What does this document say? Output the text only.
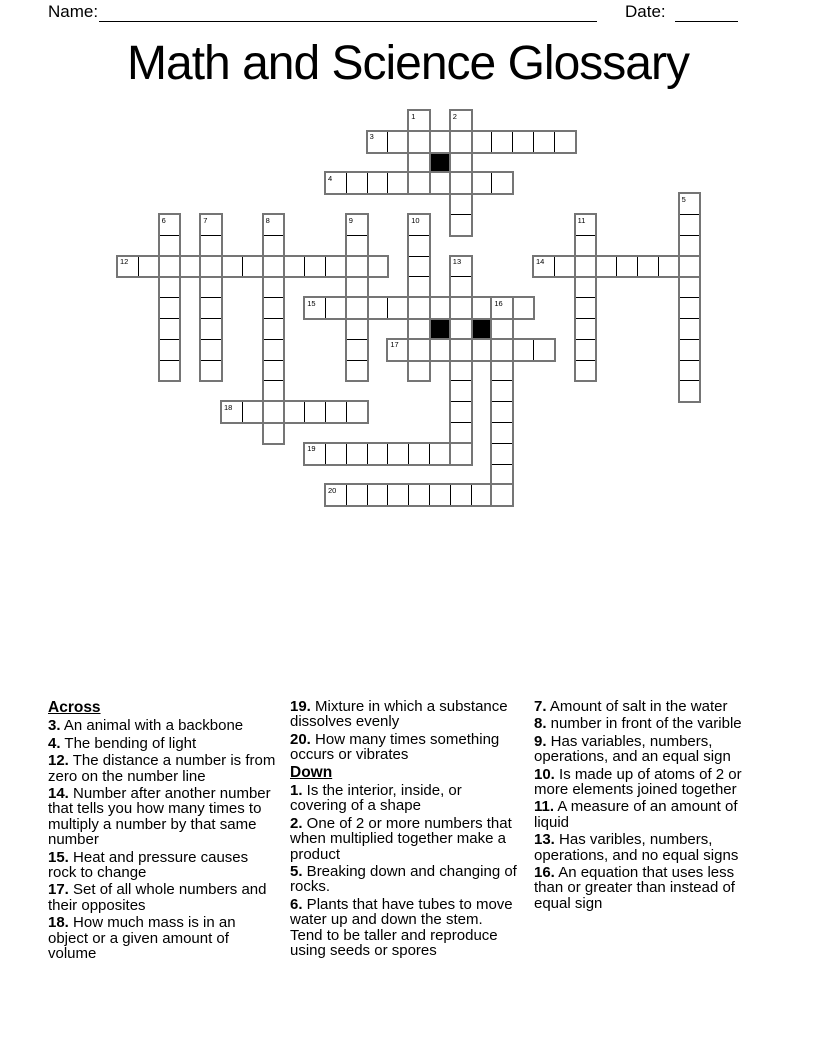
Name:	Date:
Math and Science Glossary
1	2
3
4
5
6	7	8	9	10	11
12	13	14
15	16
17
18
19
20
Across
3. An animal with a backbone
4. The bending of light
12. The distance a number is from zero on the number line
14. Number after another number that tells you how many times to multiply a number by that same number
15. Heat and pressure causes rock to change
17. Set of all whole numbers and their opposites
18. How much mass is in an object or a given amount of volume
19. Mixture in which a substance dissolves evenly
20. How many times something occurs or vibrates
Down
1. Is the interior, inside, or covering of a shape
2. One of 2 or more numbers that when multiplied together make a product
5. Breaking down and changing of rocks.
6. Plants that have tubes to move water up and down the stem. Tend to be taller and reproduce using seeds or spores
7. Amount of salt in the water
8. number in front of the varible
9. Has variables, numbers, operations, and an equal sign
10. Is made up of atoms of 2 or more elements joined together
11. A measure of an amount of liquid
13. Has varibles, numbers, operations, and no equal signs
16. An equation that uses less than or greater than instead of equal sign
